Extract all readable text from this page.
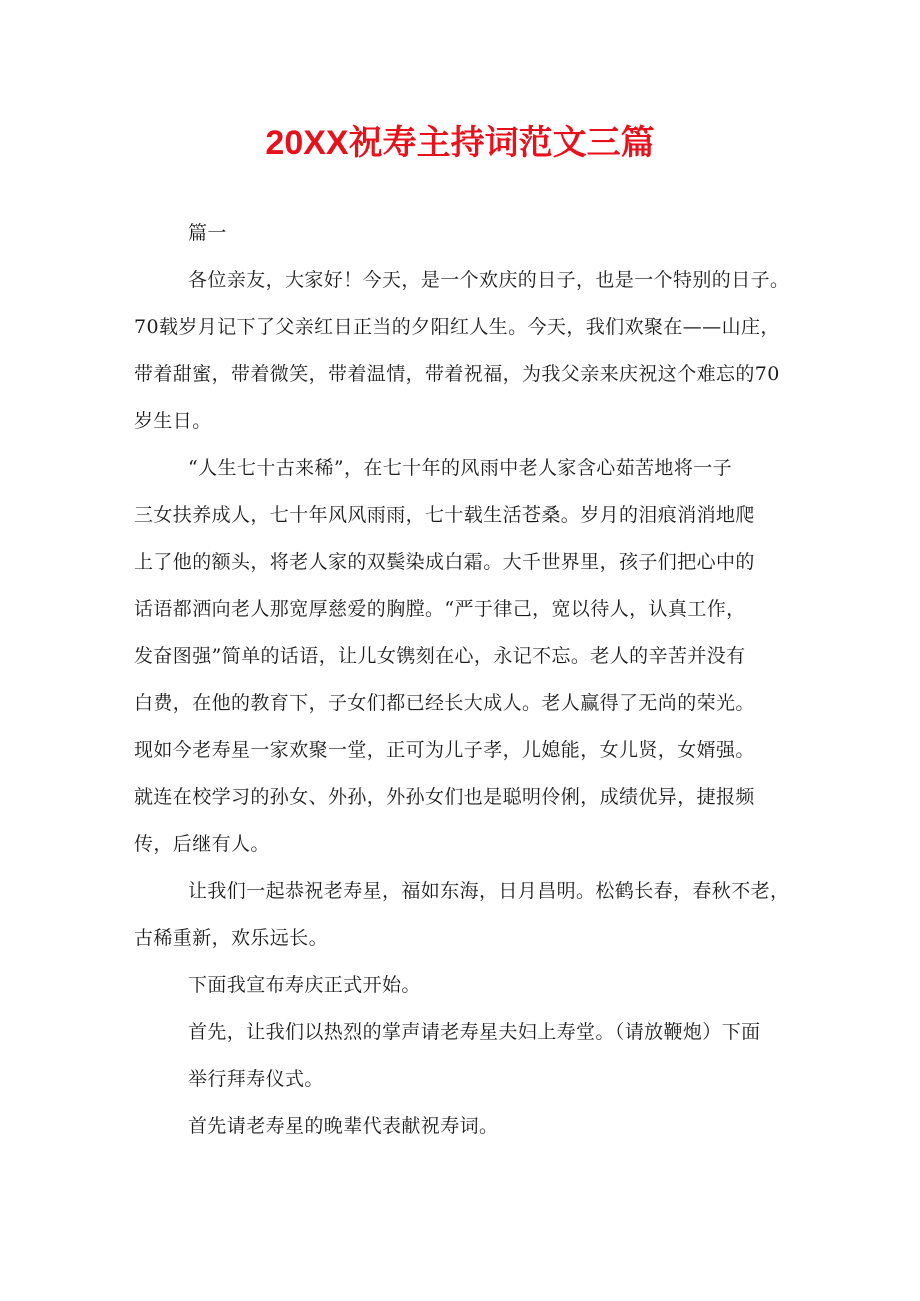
20XX祝寿主持词范文三篇

篇一

各位亲友，大家好！今天，是一个欢庆的日子，也是一个特别的日子。
70载岁月记下了父亲红日正当的夕阳红人生。今天，我们欢聚在——山庄，
带着甜蜜，带着微笑，带着温情，带着祝福，为我父亲来庆祝这个难忘的70
岁生日。

“人生七十古来稀”，在七十年的风雨中老人家含心茹苦地将一子
三女扶养成人，七十年风风雨雨，七十载生活苍桑。岁月的泪痕消消地爬
上了他的额头，将老人家的双鬓染成白霜。大千世界里，孩子们把心中的
话语都洒向老人那宽厚慈爱的胸膛。“严于律己，宽以待人，认真工作，
发奋图强”简单的话语，让儿女镌刻在心，永记不忘。老人的辛苦并没有
白费，在他的教育下，子女们都已经长大成人。老人赢得了无尚的荣光。
现如今老寿星一家欢聚一堂，正可为儿子孝，儿媳能，女儿贤，女婿强。
就连在校学习的孙女、外孙，外孙女们也是聪明伶俐，成绩优异，捷报频
传，后继有人。

让我们一起恭祝老寿星，福如东海，日月昌明。松鹤长春，春秋不老，
古稀重新，欢乐远长。

下面我宣布寿庆正式开始。

首先，让我们以热烈的掌声请老寿星夫妇上寿堂。（请放鞭炮）下面
举行拜寿仪式。

首先请老寿星的晚辈代表献祝寿词。
